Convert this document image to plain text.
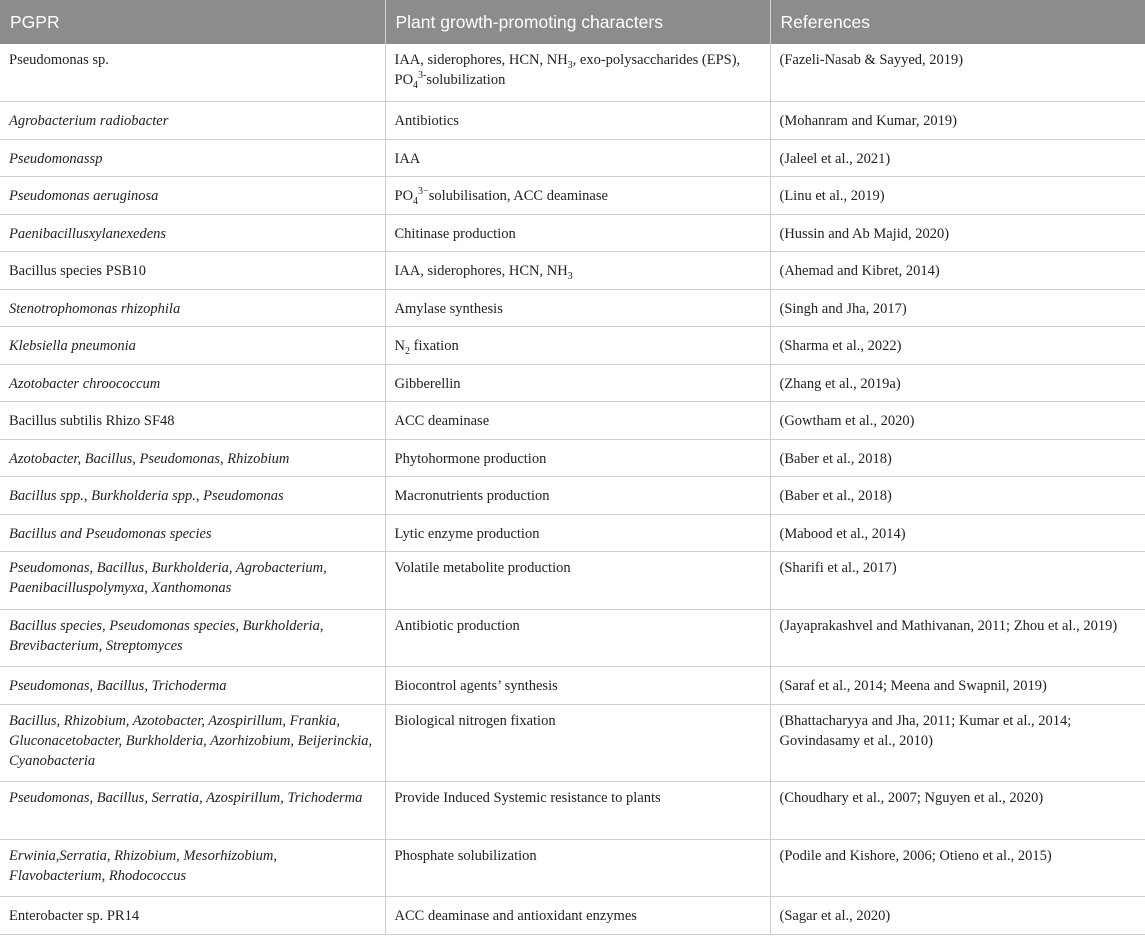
PGPR	Plant growth-promoting characters	References
Pseudomonas sp.	IAA, siderophores, HCN, $NH_3$, exo-polysaccharides (EPS), $PO_4^{3-}solubilization$	(Fazeli-Nasab & Sayyed, 2019)
Agrobacterium radiobacter	Antibiotics	(Mohanram and Kumar, 2019)
Pseudomonassp	IAA	(Jaleel et al., 2021)
Pseudomonas aeruginosa	$PO_4^{3-}solubilisation$, ACC deaminase	(Linu et al., 2019)
Paenibacillusxylanexedens	Chitinase production	(Hussin and Ab Majid, 2020)
Bacillus species PSB10	IAA, siderophores, HCN, $NH_3$	(Ahemad and Kibret, 2014)
Stenotrophomonas rhizophila	Amylase synthesis	(Singh and Jha, 2017)
Klebsiella pneumonia	$N_2$ fixation	(Sharma et al., 2022)
Azotobacter chroococcum	Gibberellin	(Zhang et al., 2019a)
Bacillus subtilis Rhizo SF48	ACC deaminase	(Gowtham et al., 2020)
Azotobacter, Bacillus, Pseudomonas, Rhizobium	Phytohormone production	(Baber et al., 2018)
Bacillus spp., Burkholderia spp., Pseudomonas	Macronutrients production	(Baber et al., 2018)
Bacillus and Pseudomonas species	Lytic enzyme production	(Mabood et al., 2014)
Pseudomonas, Bacillus, Burkholderia, Agrobacterium, Paenibacilluspolymyxa, Xanthomonas	Volatile metabolite production	(Sharifi et al., 2017)
Bacillus species, Pseudomonas species, Burkholderia, Brevibacterium, Streptomyces	Antibiotic production	(Jayaprakashvel and Mathivanan, 2011; Zhou et al., 2019)
Pseudomonas, Bacillus, Trichoderma	Biocontrol agents’ synthesis	(Saraf et al., 2014; Meena and Swapnil, 2019)
Bacillus, Rhizobium, Azotobacter, Azospirillum, Frankia, Gluconacetobacter, Burkholderia, Azorhizobium, Beijerinckia, Cyanobacteria	Biological nitrogen fixation	(Bhattacharyya and Jha, 2011; Kumar et al., 2014; Govindasamy et al., 2010)
Pseudomonas, Bacillus, Serratia, Azospirillum, Trichoderma	Provide Induced Systemic resistance to plants	(Choudhary et al., 2007; Nguyen et al., 2020)
Erwinia,Serratia, Rhizobium, Mesorhizobium, Flavobacterium, Rhodococcus	Phosphate solubilization	(Podile and Kishore, 2006; Otieno et al., 2015)
Enterobacter sp. PR14	ACC deaminase and antioxidant enzymes	(Sagar et al., 2020)
